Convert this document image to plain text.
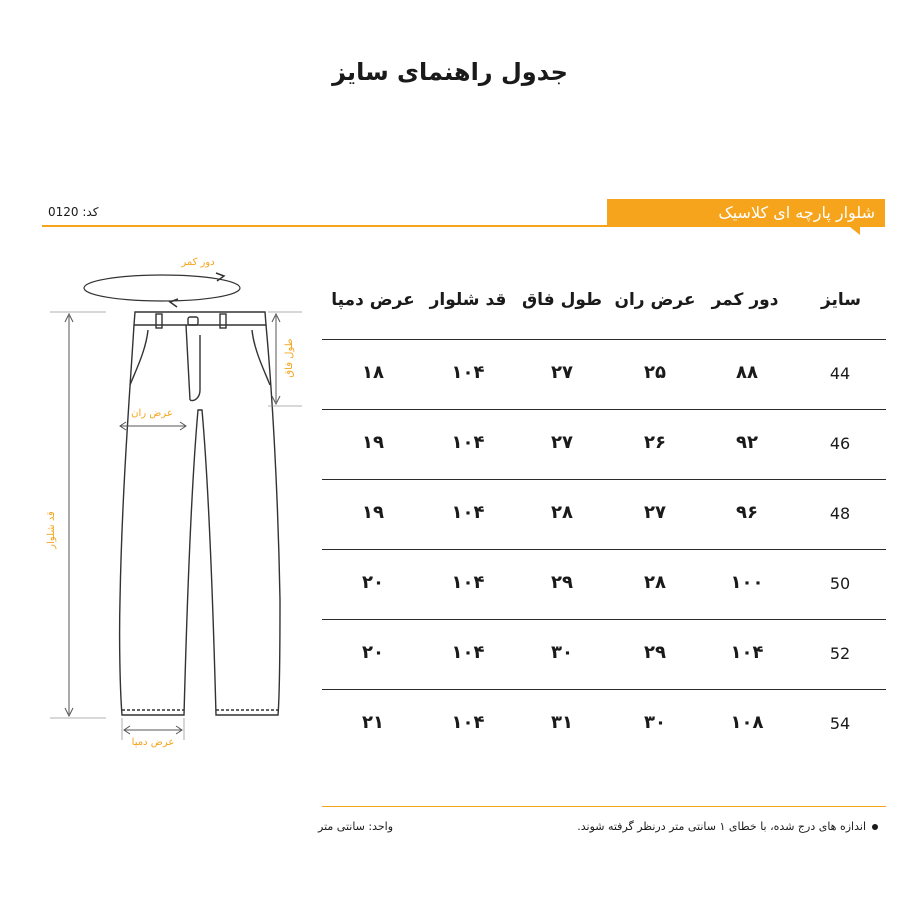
جدول راهنمای سایز
کد: 0120	شلوار پارچه ای کلاسیک
دور کمر
قد شلوار
طول فاق
عرض ران
عرض دمپا
سایز
دور کمر
عرض ران
طول فاق
قد شلوار
عرض دمپا
44
۸۸
۲۵
۲۷
۱۰۴
۱۸
46
۹۲
۲۶
۲۷
۱۰۴
۱۹
48
۹۶
۲۷
۲۸
۱۰۴
۱۹
50
۱۰۰
۲۸
۲۹
۱۰۴
۲۰
52
۱۰۴
۲۹
۳۰
۱۰۴
۲۰
54
۱۰۸
۳۰
۳۱
۱۰۴
۲۱
اندازه های درج شده، با خطای ۱ سانتی متر درنظر گرفته شوند.
واحد: سانتی متر
